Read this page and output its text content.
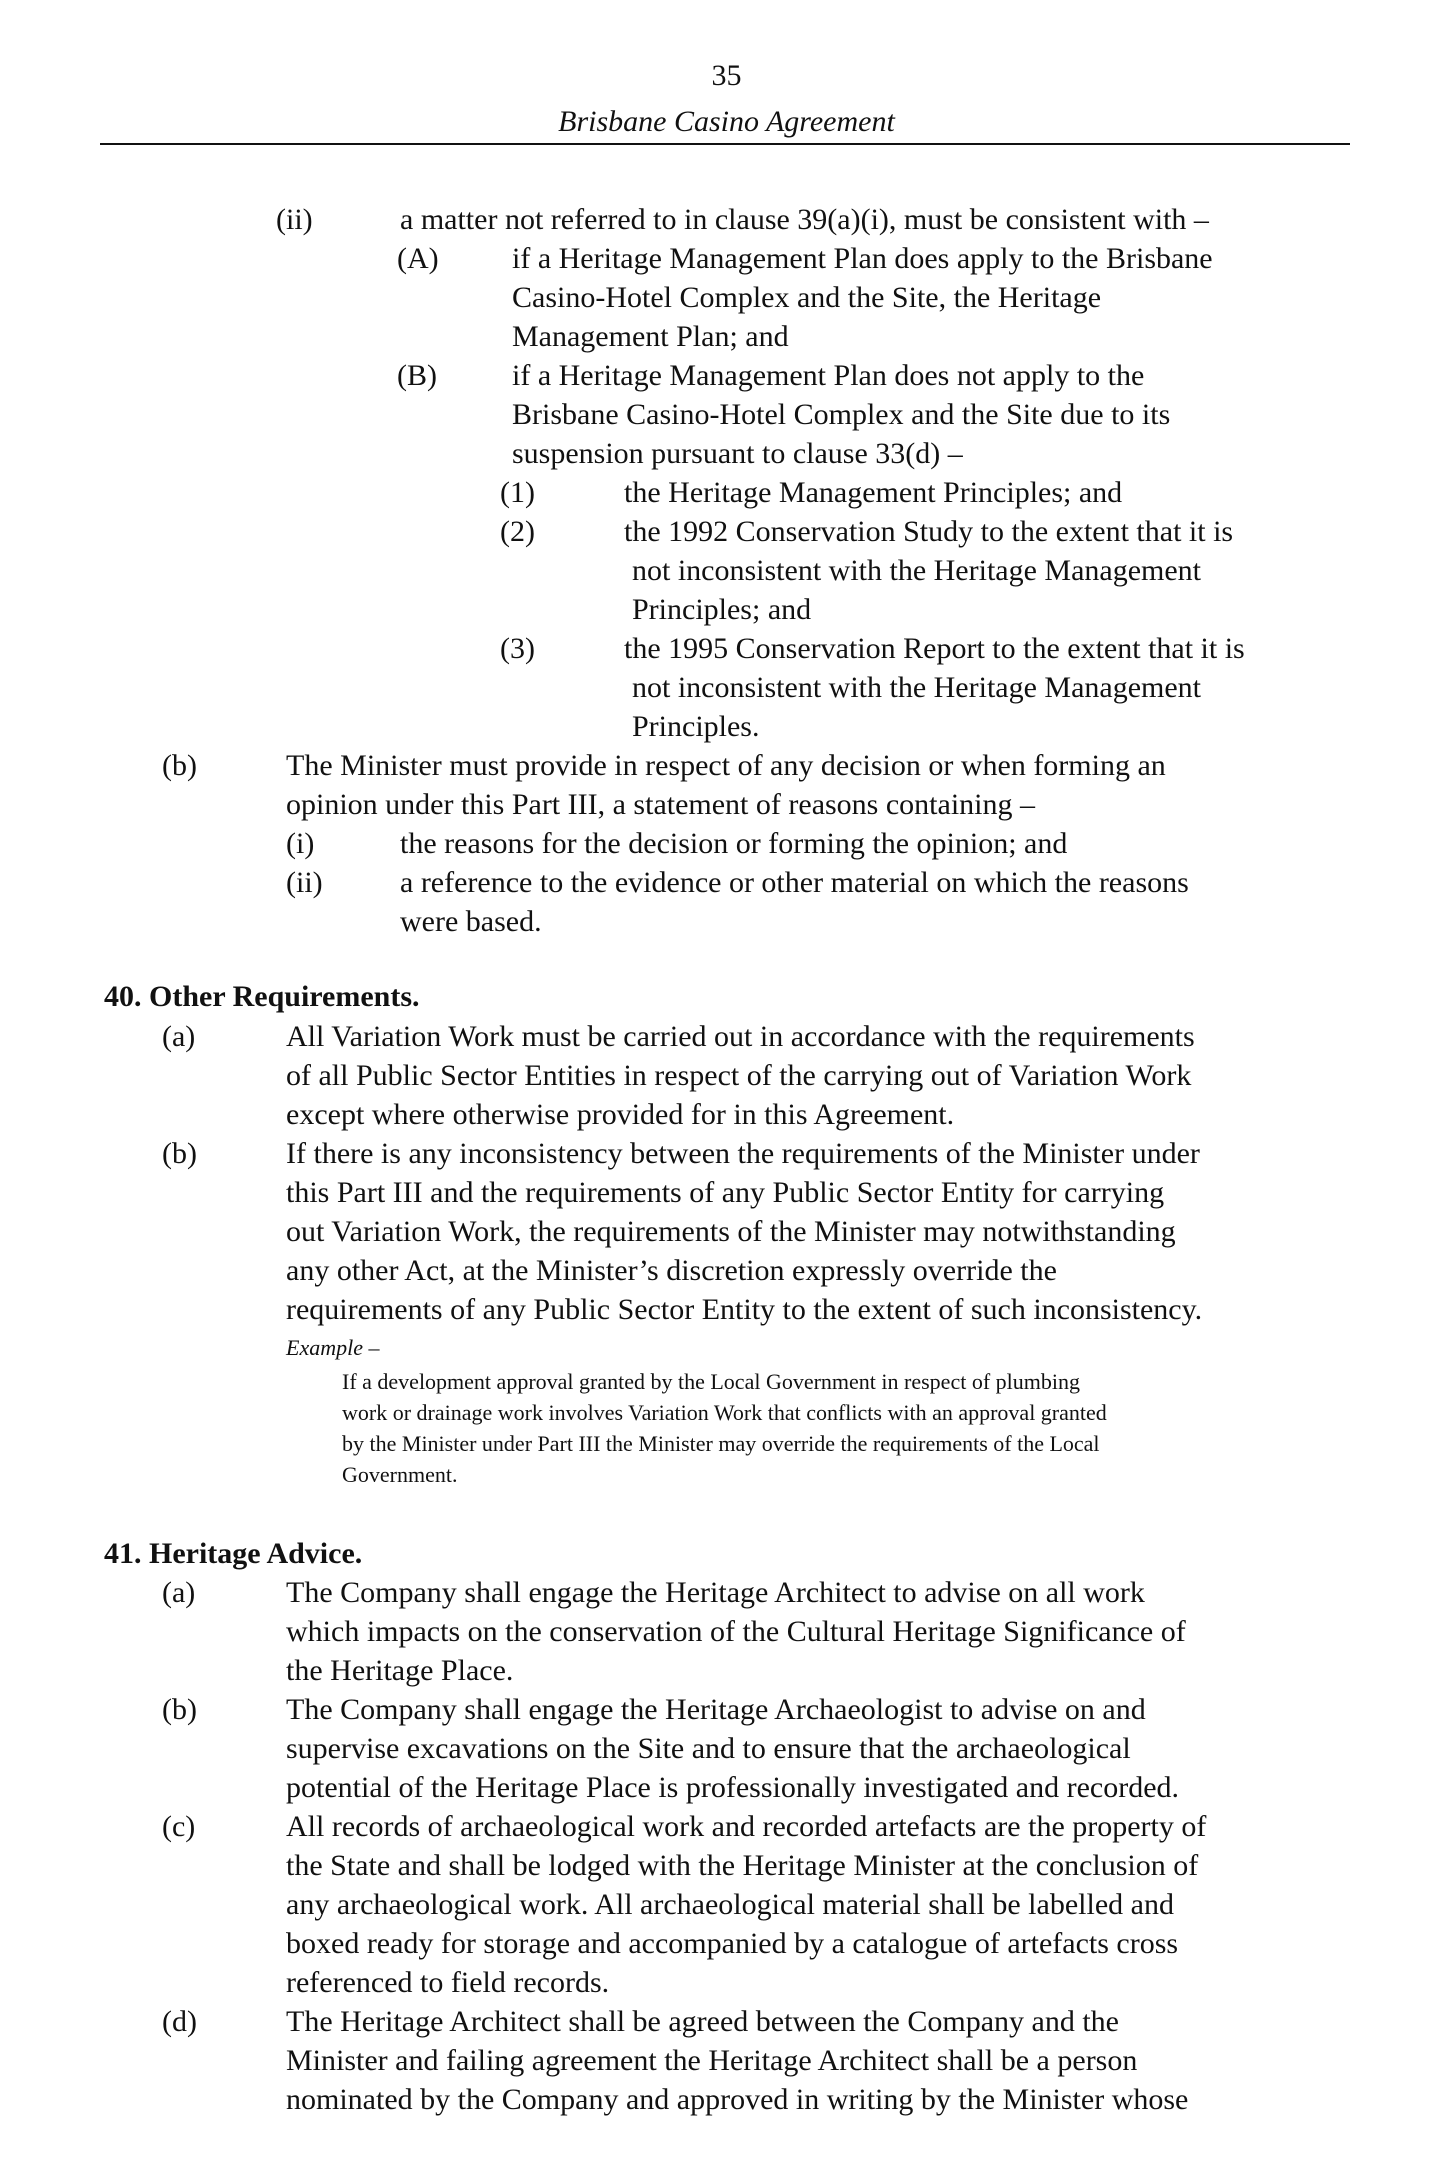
35
Brisbane Casino Agreement
(ii)	a matter not referred to in clause 39(a)(i), must be consistent with –
(A) if a Heritage Management Plan does apply to the Brisbane
Casino-Hotel Complex and the Site, the Heritage
Management Plan; and
(B)	if a Heritage Management Plan does not apply to the
Brisbane Casino-Hotel Complex and the Site due to its
suspension pursuant to clause 33(d) –
(1)	the Heritage Management Principles; and
(2)	the 1992 Conservation Study to the extent that it is
not inconsistent with the Heritage Management
Principles; and
(3)	the 1995 Conservation Report to the extent that it is
not inconsistent with the Heritage Management
Principles.
(b)	The Minister must provide in respect of any decision or when forming an
opinion under this Part III, a statement of reasons containing –
(i)	the reasons for the decision or forming the opinion; and
(ii)	a reference to the evidence or other material on which the reasons
were based.
40. Other Requirements.
(a)	All Variation Work must be carried out in accordance with the requirements
of all Public Sector Entities in respect of the carrying out of Variation Work
except where otherwise provided for in this Agreement.
(b)	If there is any inconsistency between the requirements of the Minister under
this Part III and the requirements of any Public Sector Entity for carrying
out Variation Work, the requirements of the Minister may notwithstanding
any other Act, at the Minister’s discretion expressly override the
requirements of any Public Sector Entity to the extent of such inconsistency.
Example –
If a development approval granted by the Local Government in respect of plumbing
work or drainage work involves Variation Work that conflicts with an approval granted
by the Minister under Part III the Minister may override the requirements of the Local
Government.
41. Heritage Advice.
(a)	The Company shall engage the Heritage Architect to advise on all work
which impacts on the conservation of the Cultural Heritage Significance of
the Heritage Place.
(b)	The Company shall engage the Heritage Archaeologist to advise on and
supervise excavations on the Site and to ensure that the archaeological
potential of the Heritage Place is professionally investigated and recorded.
(c)	All records of archaeological work and recorded artefacts are the property of
the State and shall be lodged with the Heritage Minister at the conclusion of
any archaeological work. All archaeological material shall be labelled and
boxed ready for storage and accompanied by a catalogue of artefacts cross
referenced to field records.
(d)	The Heritage Architect shall be agreed between the Company and the
Minister and failing agreement the Heritage Architect shall be a person
nominated by the Company and approved in writing by the Minister whose
